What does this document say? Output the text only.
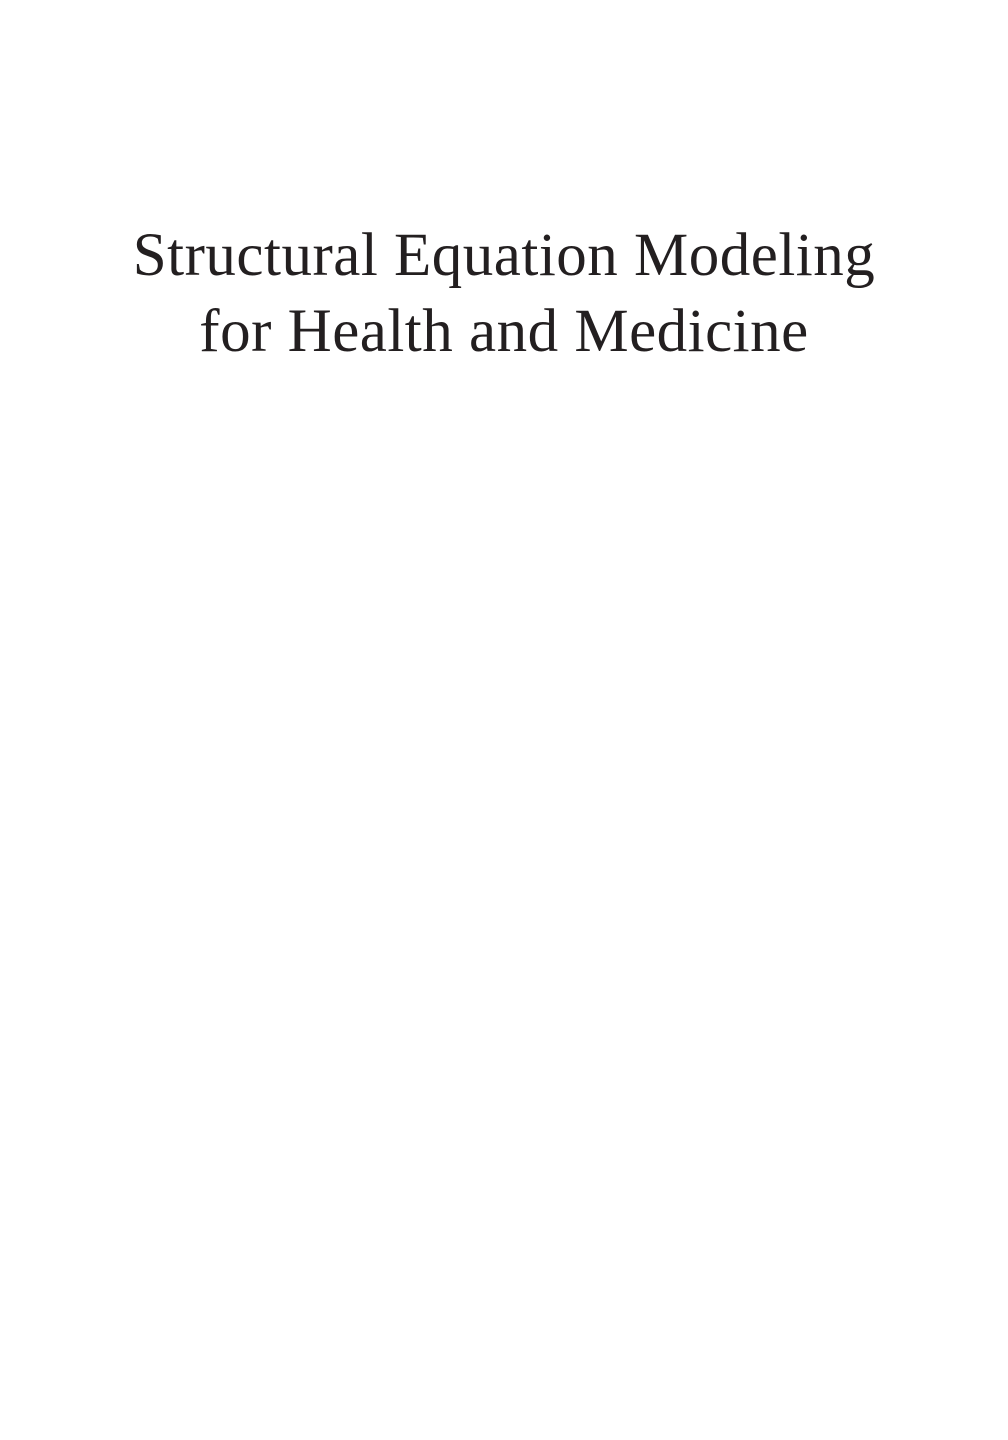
Structural Equation Modeling
for Health and Medicine
